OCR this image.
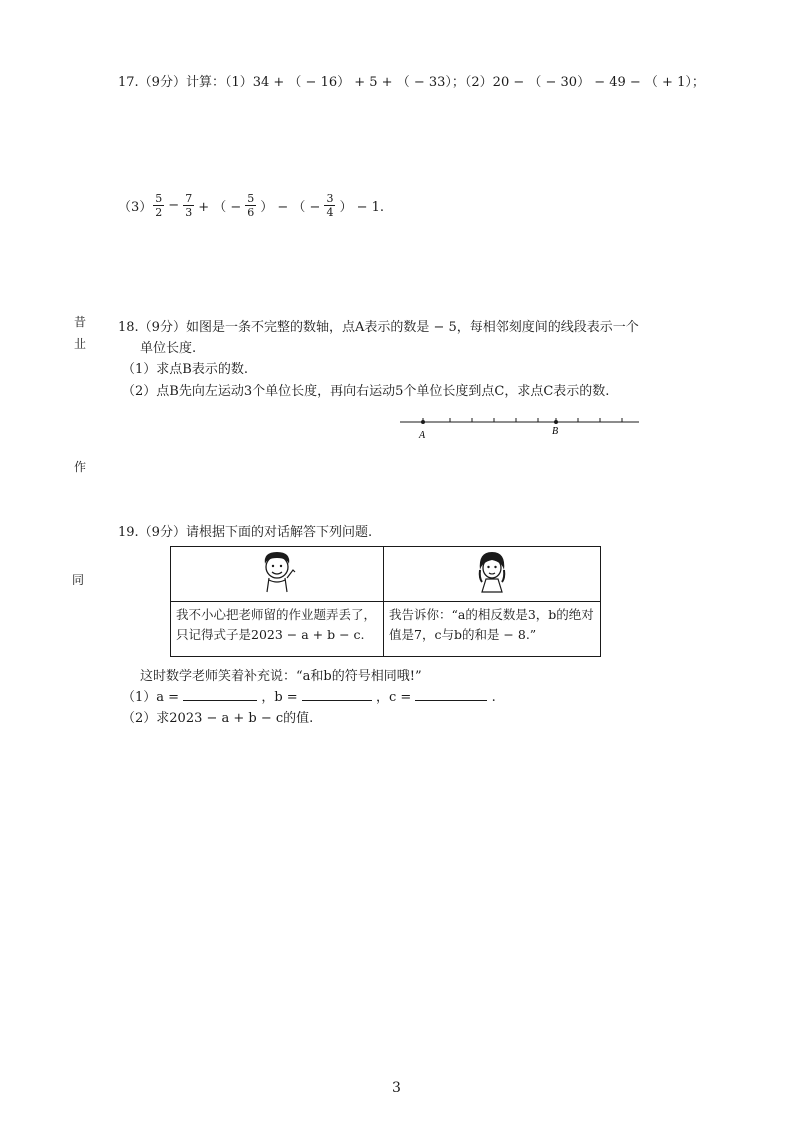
昔
㐀
作
同
17.（9分）计算：（1）34 + （ − 16） + 5 + （ − 33）；（2）20 − （ − 30） − 49 − （ + 1）；
$(3) \frac{5}{2} - \frac{7}{3}$ + （ − $\frac{5}{6}$ ） − （ − $\frac{3}{4}$ ） − 1.
18.（9分）如图是一条不完整的数轴，点A表示的数是 − 5，每相邻刻度间的线段表示一个
单位长度.
（1）求点B表示的数.
（2）点B先向左运动3个单位长度，再向右运动5个单位长度到点C，求点C表示的数.
A	B
19.（9分）请根据下面的对话解答下列问题.

我不小心把老师留的作业题弄丢了，只记得式子是2023 − a + b − c.	我告诉你：“a的相反数是3，b的绝对值是7，c与b的和是 − 8.”
这时数学老师笑着补充说：“a和b的符号相同哦!”
（1）a =	，b =	，c =	.
（2）求2023 − a + b − c的值.
3
